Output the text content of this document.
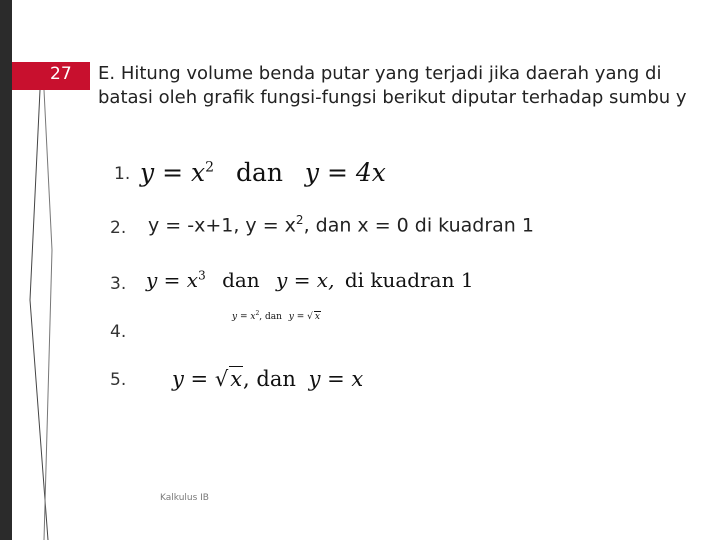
27 E. Hitung volume benda putar yang terjadi jika daerah yang di batasi oleh grafik fungsi-fungsi berikut diputar terhadap sumbu y
1. $y = x^2$ dan y = 4x
2. y = -x+1, $y = x^2$, dan x = 0 di kuadran 1
3. $y = x^3$ dan y = x, di kuadran 1
4.
$y = x^2$, dan y = √ x
5. y = √x, dan y = x
Kalkulus IB
